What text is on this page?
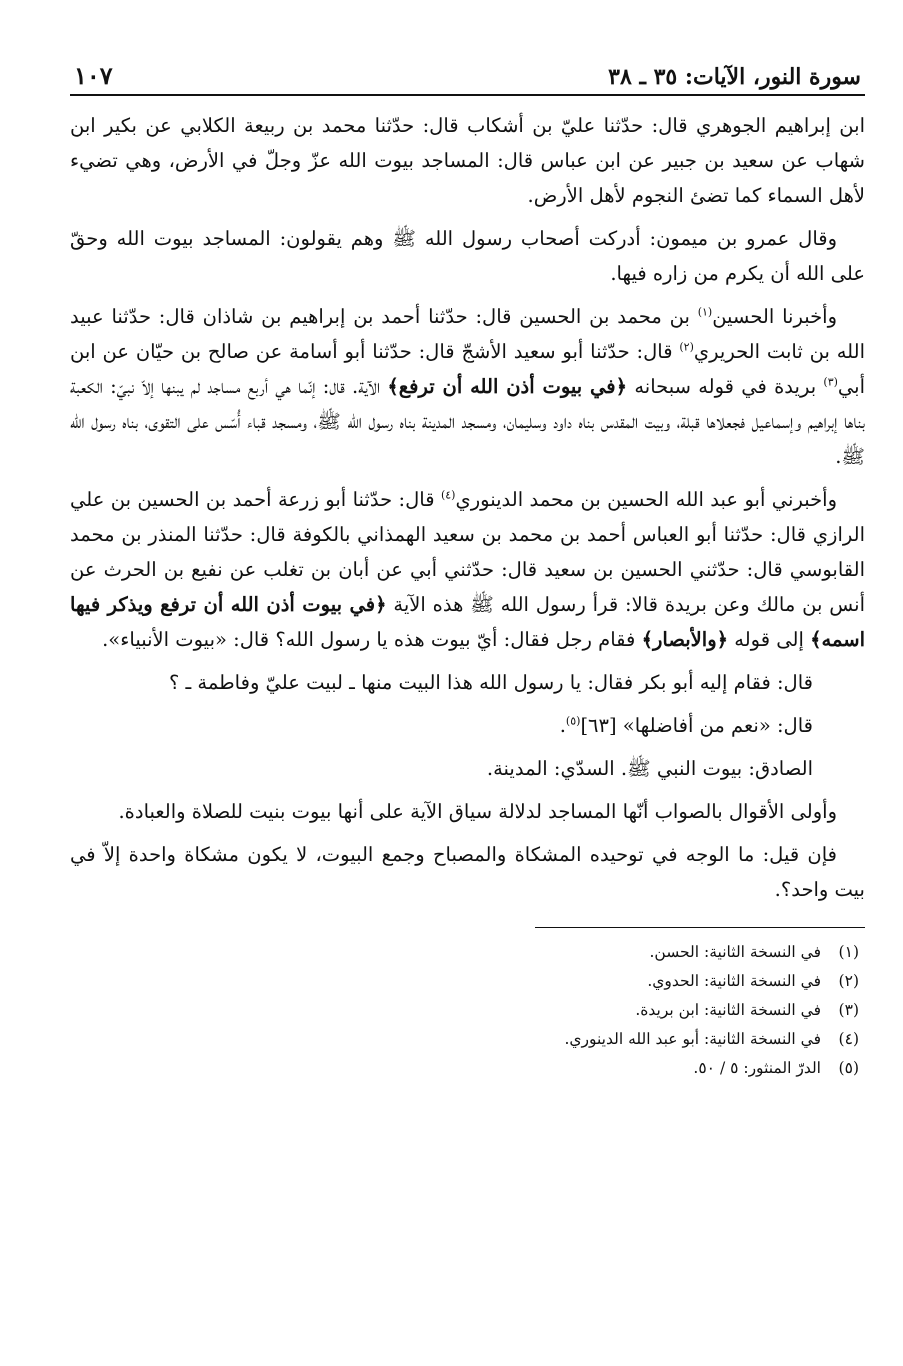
سورة النور، الآيات: ٣٥ ـ ٣٨
١٠٧

ابن إبراهيم الجوهري قال: حدّثنا عليّ بن أشكاب قال: حدّثنا محمد بن ربيعة الكلابي عن بكير ابن شهاب عن سعيد بن جبير عن ابن عباس قال: المساجد بيوت الله عزّ وجلّ في الأرض، وهي تضيء لأهل السماء كما تضئ النجوم لأهل الأرض.

وقال عمرو بن ميمون: أدركت أصحاب رسول الله ﷺ وهم يقولون: المساجد بيوت الله وحقّ على الله أن يكرم من زاره فيها.

وأخبرنا الحسين$^{(١)}$ بن محمد بن الحسين قال: حدّثنا أحمد بن إبراهيم بن شاذان قال: حدّثنا عبيد الله بن ثابت الحريري$^{(٢)}$ قال: حدّثنا أبو سعيد الأشجّ قال: حدّثنا أبو أسامة عن صالح بن حيّان عن ابن أبي$^{(٣)}$ بريدة في قوله سبحانه ﴿في بيوت أذن الله أن ترفع﴾ الآية. قال: إنّما هي أربع مساجد لم يبنها إلاّ نبيّ: الكعبة بناها إبراهيم وإسماعيل فجعلاها قبلة، وبيت المقدس بناه داود وسليمان، ومسجد المدينة بناه رسول الله ﷺ، ومسجد قباء أُسّس على التقوى، بناه رسول الله ﷺ.

وأخبرني أبو عبد الله الحسين بن محمد الدينوري$^{(٤)}$ قال: حدّثنا أبو زرعة أحمد بن الحسين بن علي الرازي قال: حدّثنا أبو العباس أحمد بن محمد بن سعيد الهمذاني بالكوفة قال: حدّثنا المنذر بن محمد القابوسي قال: حدّثني الحسين بن سعيد قال: حدّثني أبي عن أبان بن تغلب عن نفيع بن الحرث عن أنس بن مالك وعن بريدة قالا: قرأ رسول الله ﷺ هذه الآية ﴿في بيوت أذن الله أن ترفع ويذكر فيها اسمه﴾ إلى قوله ﴿والأبصار﴾ فقام رجل فقال: أيّ بيوت هذه يا رسول الله؟ قال: «بيوت الأنبياء».

قال: فقام إليه أبو بكر فقال: يا رسول الله هذا البيت منها ـ لبيت عليّ وفاطمة ـ ؟

قال: «نعم من أفاضلها» [٦٣]$^{(٥)}$.

الصادق: بيوت النبي ﷺ. السدّي: المدينة.

وأولى الأقوال بالصواب أنّها المساجد لدلالة سياق الآية على أنها بيوت بنيت للصلاة والعبادة.

فإن قيل: ما الوجه في توحيده المشكاة والمصباح وجمع البيوت، لا يكون مشكاة واحدة إلاّ في بيت واحد؟.

(١)
في النسخة الثانية: الحسن.
(٢)
في النسخة الثانية: الحدوي.
(٣)
في النسخة الثانية: ابن بريدة.
(٤)
في النسخة الثانية: أبو عبد الله الدينوري.
(٥)
الدرّ المنثور: ٥ / ٥٠.
